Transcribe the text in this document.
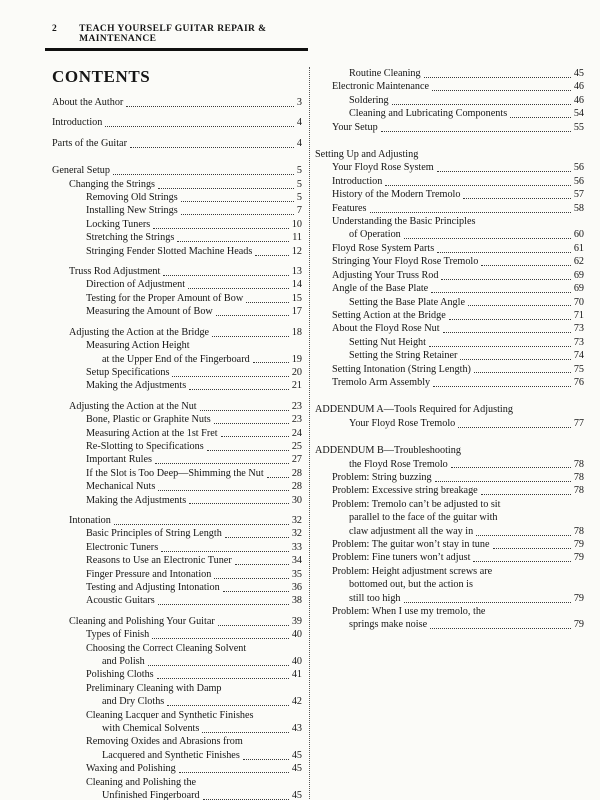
2 TEACH YOURSELF GUITAR REPAIR & MAINTENANCE
CONTENTS
About the Author	3
Introduction	4
Parts of the Guitar	4
General Setup	5
Changing the Strings	5
Removing Old Strings	5
Installing New Strings	7
Locking Tuners	10
Stretching the Strings	11
Stringing Fender Slotted Machine Heads	12
Truss Rod Adjustment	13
Direction of Adjustment	14
Testing for the Proper Amount of Bow	15
Measuring the Amount of Bow	17
Adjusting the Action at the Bridge	18
Measuring Action Height
at the Upper End of the Fingerboard	19
Setup Specifications	20
Making the Adjustments	21
Adjusting the Action at the Nut	23
Bone, Plastic or Graphite Nuts	23
Measuring Action at the 1st Fret	24
Re-Slotting to Specifications	25
Important Rules	27
If the Slot is Too Deep—Shimming the Nut	28
Mechanical Nuts	28
Making the Adjustments	30
Intonation	32
Basic Principles of String Length	32
Electronic Tuners	33
Reasons to Use an Electronic Tuner	34
Finger Pressure and Intonation	35
Testing and Adjusting Intonation	36
Acoustic Guitars	38
Cleaning and Polishing Your Guitar	39
Types of Finish	40
Choosing the Correct Cleaning Solvent
and Polish	40
Polishing Cloths	41
Preliminary Cleaning with Damp
and Dry Cloths	42
Cleaning Lacquer and Synthetic Finishes
with Chemical Solvents	43
Removing Oxides and Abrasions from
Lacquered and Synthetic Finishes	45
Waxing and Polishing	45
Cleaning and Polishing the
Unfinished Fingerboard	45
Routine Cleaning	45
Electronic Maintenance	46
Soldering	46
Cleaning and Lubricating Components	54
Your Setup	55
Setting Up and Adjusting
Your Floyd Rose System	56
Introduction	56
History of the Modern Tremolo	57
Features	58
Understanding the Basic Principles
of Operation	60
Floyd Rose System Parts	61
Stringing Your Floyd Rose Tremolo	62
Adjusting Your Truss Rod	69
Angle of the Base Plate	69
Setting the Base Plate Angle	70
Setting Action at the Bridge	71
About the Floyd Rose Nut	73
Setting Nut Height	73
Setting the String Retainer	74
Setting Intonation (String Length)	75
Tremolo Arm Assembly	76
ADDENDUM A—Tools Required for Adjusting
Your Floyd Rose Tremolo	77
ADDENDUM B—Troubleshooting
the Floyd Rose Tremolo	78
Problem: String buzzing	78
Problem: Excessive string breakage	78
Problem: Tremolo can’t be adjusted to sit
parallel to the face of the guitar with
claw adjustment all the way in	78
Problem: The guitar won’t stay in tune	79
Problem: Fine tuners won’t adjust	79
Problem: Height adjustment screws are
bottomed out, but the action is
still too high	79
Problem: When I use my tremolo, the
springs make noise	79
